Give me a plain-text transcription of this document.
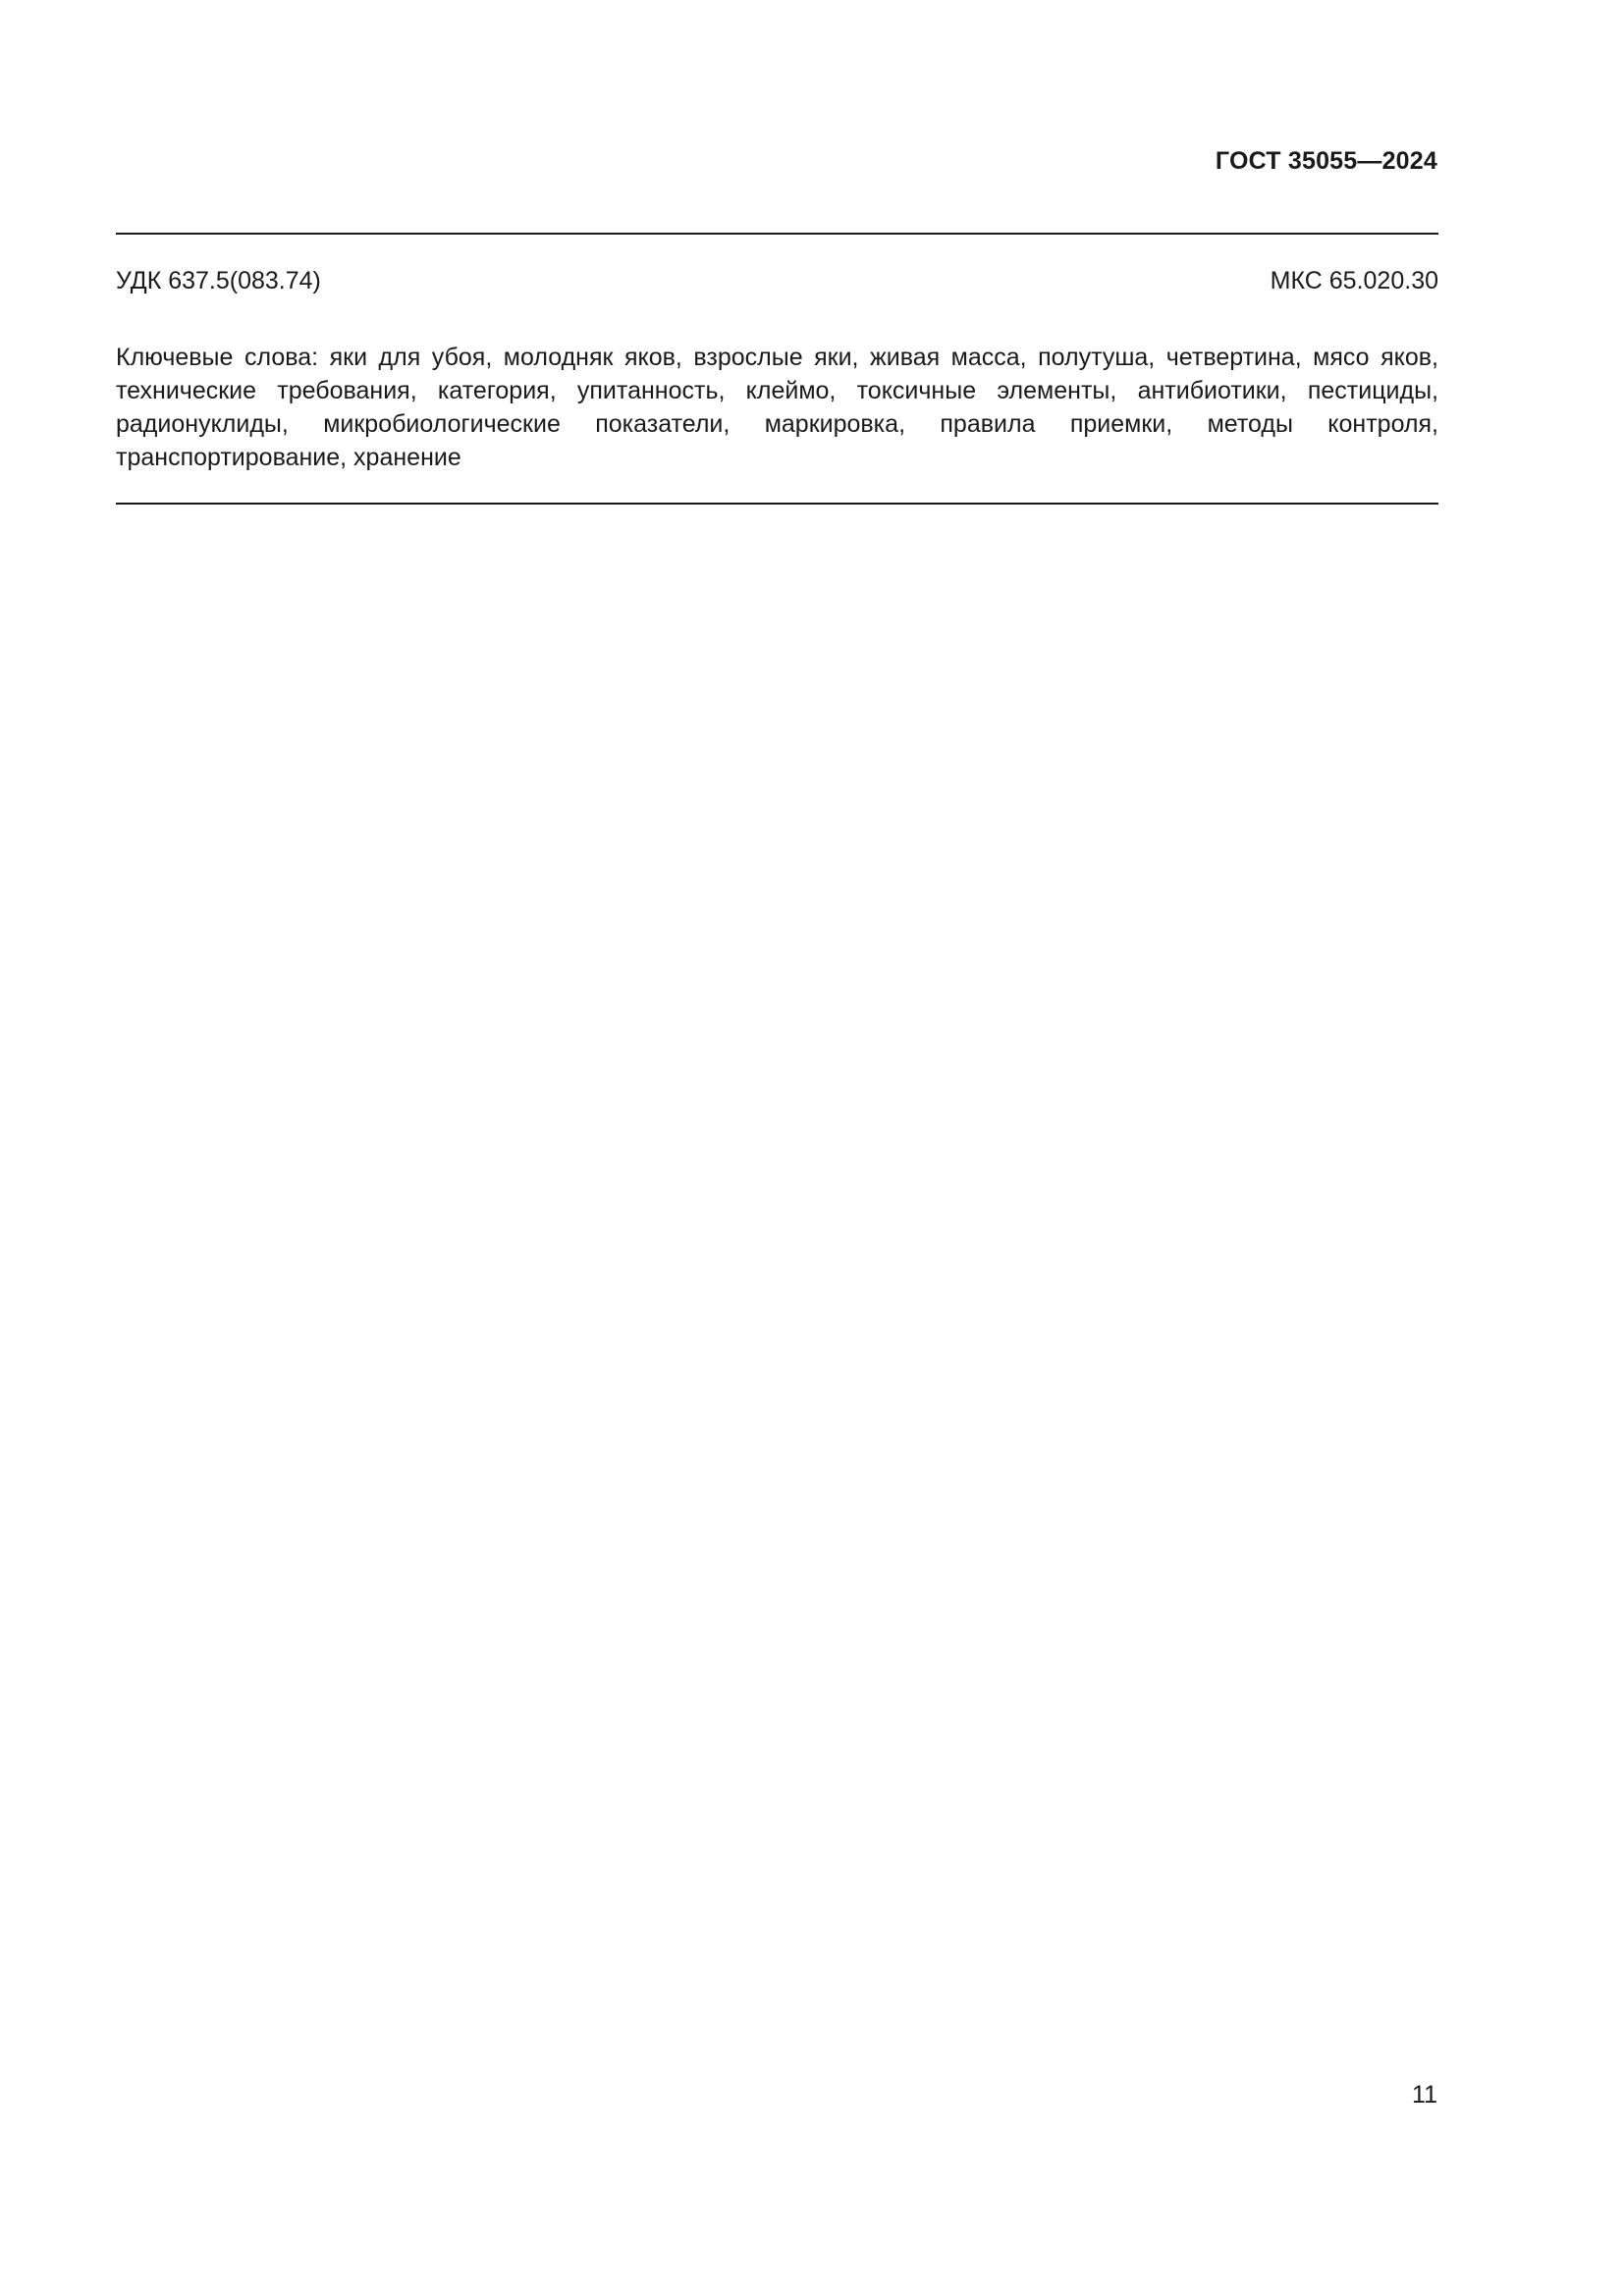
ГОСТ 35055—2024
УДК 637.5(083.74)	МКС 65.020.30
Ключевые слова: яки для убоя, молодняк яков, взрослые яки, живая масса, полутуша, четвертина, мясо яков, технические требования, категория, упитанность, клеймо, токсичные элементы, антибиотики, пестициды, радионуклиды, микробиологические показатели, маркировка, правила приемки, методы контроля, транспортирование, хранение
11
